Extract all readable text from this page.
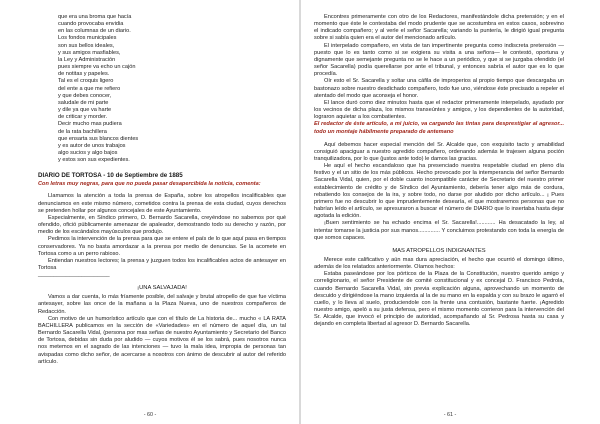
que era una broma que hacía
cuando provocaba envidia
en las columnas de un diario.
Los fondos municipales
son sus bellos ideales,
y sus amigos masfiables,
la Ley y Administración
pues siempre va echo un cajón
de notitas y papeles.
Tal es el croquis ligero
del ente a que me refiero
y que debes conocer,
saludale de mi parte
y dile ya que va harte
de criticar y morder.
Decir mucho mas pudiera
de la rata bachillera
que ensarta sus blancos dientes
y es autor de unos trabajos
algo sucios y algo bajos
y estos son sus expedientes.
DIARIO DE TORTOSA - 10 de Septiembre de 1885
Con letras muy negras, para que no pueda pasar desapercibida la noticia, comenta:

Llamamos la atención a toda la prensa de España, sobre los atropellos incalificables que denunciamos en este mismo número, cometidos contra la prensa de esta ciudad, cuyos derechos se pretenden hollar por algunos concejales de este Ayuntamiento.

Especialmente, en Síndico primero, D. Bernardo Sacarella, creyéndose no sabemos por qué ofendido, ofició públicamente amenazar de apaleador, demostrando todo su derecho y razón, por medio de los escándalos mayúsculos que produjo.

Pedimos la intervención de la prensa para que se entere el país de lo que aquí pasa en tiempos conservadores. Ya no basta amordazar a la prensa por medio de denuncias. Se la acomete en Tortosa como a un perro rabioso.

Entiendan nuestros lectores; la prensa y juzguen todos los incalificables actos de antesayer en Tortosa

_______________________

¡UNA SALVAJADA!

Vamos a dar cuenta, lo más fríamente posible, del salvaje y brutal atropello de que fue víctima antesayer, sobre las once de la mañana a la Plaza Nueva, uno de nuestros compañeros de Redacción.

Con motivo de un humorístico artículo que con el título de La historia de... mucho « LA RATA BACHILLERA publicamos en la sección de «Variedades» en el número de aquel día, un tal Bernardo Sacarella Vidal, (persona por mas señas de nuestro Ayuntamiento y Secretario del Banco de Tortosa, debidas sin duda por aludido — cuyos motivos él se los sabrá, pues nosotros nunca nos metemos en el sagrado de las intenciones — tuvo la mala idea, impropia de personas tan avispadas como dicho señor, de acercarse a nosotros con ánimo de descubrir al autor del referido artículo.

- 60 -

Encontres primeramente con otro de los Redactores, manifestándole dicha pretensión; y en el momento que éste le contestaba del modo prudente que se acostumbra en estos casos, sobrevino el indicado compañero; y al verle el señor Sacarella; variando la puntería, le dirigió igual pregunta sobre si sabía quien era el autor del mencionado artículo.

El interpelado compañero, en vista de tan impertinente pregunta como indiscreta pretensión —puesto que lo es tanto como si se exigiera su visita a una señora— le contestó, oportuna y dignamente que semejante pregunta no se le hace a un periódico, y que si se juzgaba ofendido (el señor Sacarella) podía querellarse por ante el tribunal, y entonces sabría el autor que es lo que procedía.

Oír esto el Sr. Sacarella y soltar una cáfila de improperios al propio tiempo que descargaba un bastonazo sobre nuestro desdichado compañero, todo fue uno, viéndose éste precisado a repeler el atentado del modo que aconseja el honor.

El lance duró como diez minutos hasta que el redactor primeramente interpelado, ayudado por los vecinos de dicha plaza, los mismos transeúntes y amigos, y los dependientes de la autoridad, lograron aquietar a los combatientes.

El redactor de éste artículo, a mi juicio, va cargando las tintas para desprestigiar al agresor... todo un montaje hábilmente preparado de antemano

Aquí debemos hacer especial mención del Sr. Alcalde que, con exquisito tacto y amabilidad consiguió apaciguar a nuestro agredido compañero, ordenando además le trajesen alguna poción tranquilizadora, por lo que (justos ante todo) le damos las gracias.

He aquí el hecho escandaloso que ha presenciado nuestra respetable ciudad en pleno día festivo y el un sitio de los más públicos. Hecho provocado por la intemperancia del señor Bernardo Sacarella Vidal, quien, por el doble cuanto incompatible carácter de Secretario del nuestro primer establecimiento de crédito y de Síndico del Ayuntamiento, debería tener algo más de cordura, rebatiendo los consejos de la ira, y sobre todo, no darse por aludido por dicho artículo... ¡ Pues primero fue no descubrir lo que imprudentemente desearía, el que mostraremos personas que no habrían leído el artículo, se apresuraron a buscar el número de DIARIO que lo insertaba hasta dejar agotada la edición.

¡Buen sentimiento se ha echado encima el Sr. Sacarella!............ Ha desacatado la ley, al intentar tomarse la justicia por sus manos.............. Y concluimos protestando con toda la energía de que somos capaces.

MAS ATROPELLOS INDIGNANTES

Merece este calificativo y aún mas dura apreciación, el hecho que ocurrió el domingo último, además de los relatados anteriormente. Oíamos hechos:

Estaba paseándose por los pórticos de la Plaza de la Constitución, nuestro querido amigo y correligionario, el señor Presidente de comité constitucional y ex concejal D. Francisco Pedrola, cuando Bernardo Sacarella Vidal, sin previa explicación alguna, aprovechando un momento de descuido y dirigiéndose la mano izquierda al la de su mano en la espalda y con su brazo le agarró el cuello, y lo lleva al suelo, produciendole con la frente una contusión, bastante fuerte. ¡Agredido nuestro amigo, apeló a su justa defensa, pero el mismo momento corrieron para la intervención del Sr. Alcalde, que invocó el principio de autoridad, acompañando al Sr. Pedrosa hasta su casa y dejando en completa libertad al agresor D. Bernardo Sacarella.

- 61 -
